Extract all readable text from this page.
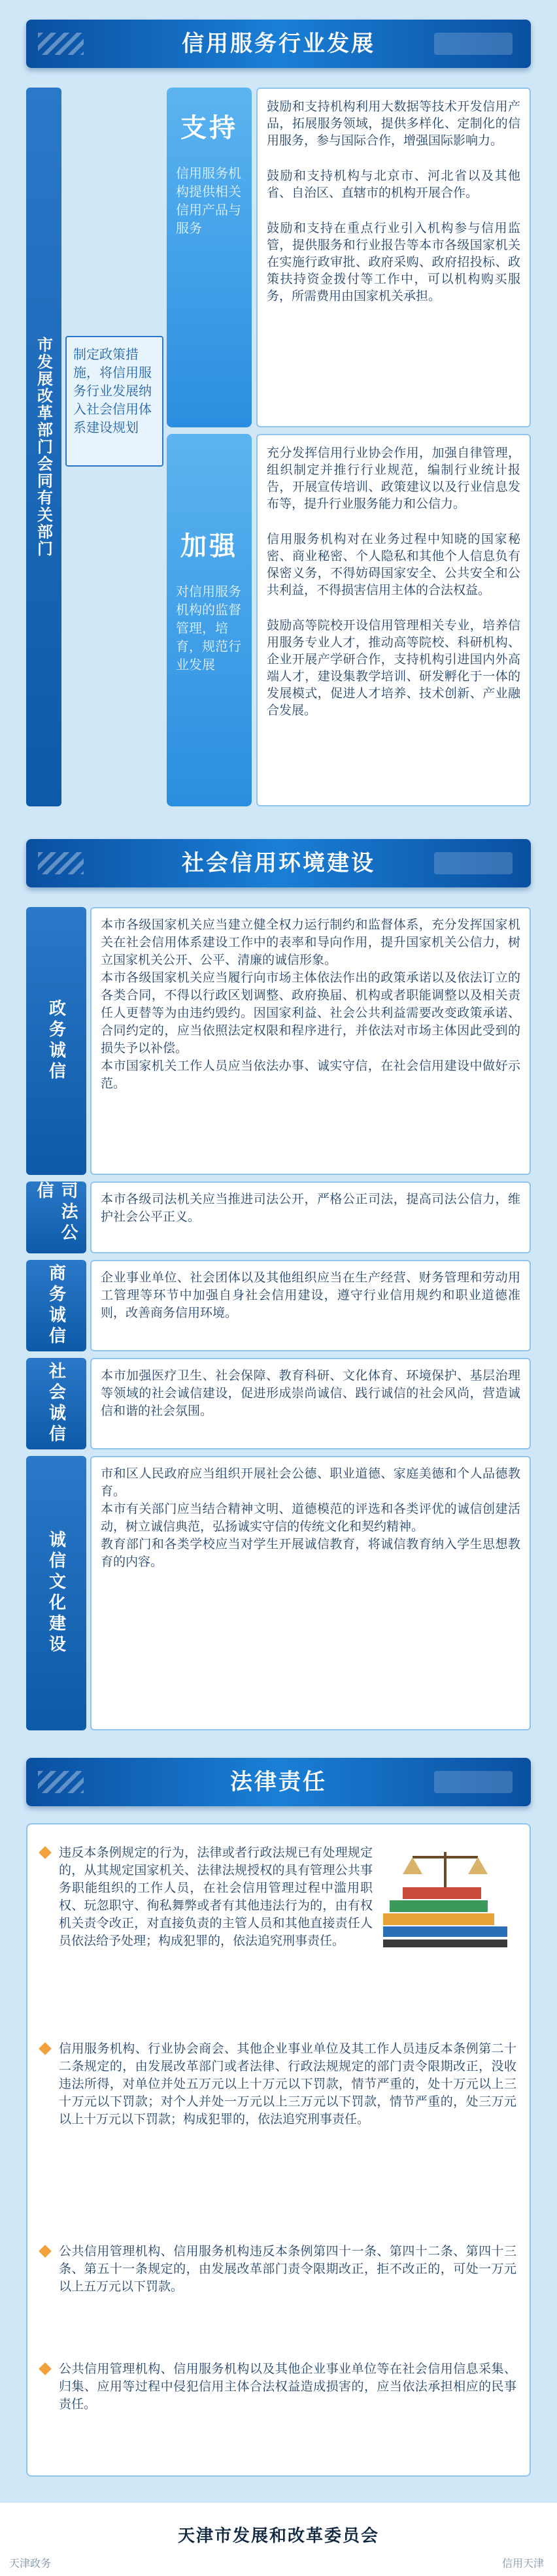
信用服务行业发展
市发展改革部门会同有关部门	制定政策措施，将信用服务行业发展纳入社会信用体系建设规划
支持
信用服务机构提供相关信用产品与服务

鼓励和支持机构利用大数据等技术开发信用产品，拓展服务领域，提供多样化、定制化的信用服务，参与国际合作，增强国际影响力。

鼓励和支持机构与北京市、河北省以及其他省、自治区、直辖市的机构开展合作。

鼓励和支持在重点行业引入机构参与信用监管，提供服务和行业报告等本市各级国家机关在实施行政审批、政府采购、政府招投标、政策扶持资金拨付等工作中，可以机构购买服务，所需费用由国家机关承担。

加强
对信用服务机构的监督管理，培育，规范行业发展

充分发挥信用行业协会作用，加强自律管理，组织制定并推行行业规范，编制行业统计报告，开展宣传培训、政策建议以及行业信息发布等，提升行业服务能力和公信力。

信用服务机构对在业务过程中知晓的国家秘密、商业秘密、个人隐私和其他个人信息负有保密义务，不得妨碍国家安全、公共安全和公共利益，不得损害信用主体的合法权益。

鼓励高等院校开设信用管理相关专业，培养信用服务专业人才，推动高等院校、科研机构、企业开展产学研合作，支持机构引进国内外高端人才，建设集教学培训、研发孵化于一体的发展模式，促进人才培养、技术创新、产业融合发展。

社会信用环境建设
政务诚信

本市各级国家机关应当建立健全权力运行制约和监督体系，充分发挥国家机关在社会信用体系建设工作中的表率和导向作用，提升国家机关公信力，树立国家机关公开、公平、清廉的诚信形象。
本市各级国家机关应当履行向市场主体依法作出的政策承诺以及依法订立的各类合同，不得以行政区划调整、政府换届、机构或者职能调整以及相关责任人更替等为由违约毁约。因国家利益、社会公共利益需要改变政策承诺、合同约定的，应当依照法定权限和程序进行，并依法对市场主体因此受到的损失予以补偿。
本市国家机关工作人员应当依法办事、诚实守信，在社会信用建设中做好示范。

司法公信	本市各级司法机关应当推进司法公开，严格公正司法，提高司法公信力，维护社会公平正义。

商务诚信	企业事业单位、社会团体以及其他组织应当在生产经营、财务管理和劳动用工管理等环节中加强自身社会信用建设，遵守行业信用规约和职业道德准则，改善商务信用环境。

社会诚信	本市加强医疗卫生、社会保障、教育科研、文化体育、环境保护、基层治理等领域的社会诚信建设，促进形成崇尚诚信、践行诚信的社会风尚，营造诚信和谐的社会氛围。

诚信文化建设

市和区人民政府应当组织开展社会公德、职业道德、家庭美德和个人品德教育。
本市有关部门应当结合精神文明、道德模范的评选和各类评优的诚信创建活动，树立诚信典范，弘扬诚实守信的传统文化和契约精神。
教育部门和各类学校应当对学生开展诚信教育，将诚信教育纳入学生思想教育的内容。

法律责任

违反本条例规定的行为，法律或者行政法规已有处理规定的，从其规定国家机关、法律法规授权的具有管理公共事务职能组织的工作人员，在社会信用管理过程中滥用职权、玩忽职守、徇私舞弊或者有其他违法行为的，由有权机关责令改正，对直接负责的主管人员和其他直接责任人员依法给予处理；构成犯罪的，依法追究刑事责任。

信用服务机构、行业协会商会、其他企业事业单位及其工作人员违反本条例第二十二条规定的，由发展改革部门或者法律、行政法规规定的部门责令限期改正，没收违法所得，对单位并处五万元以上十万元以下罚款，情节严重的，处十万元以上三十万元以下罚款；对个人并处一万元以上三万元以下罚款，情节严重的，处三万元以上十万元以下罚款；构成犯罪的，依法追究刑事责任。

公共信用管理机构、信用服务机构违反本条例第四十一条、第四十二条、第四十三条、第五十一条规定的，由发展改革部门责令限期改正，拒不改正的，可处一万元以上五万元以下罚款。

公共信用管理机构、信用服务机构以及其他企业事业单位等在社会信用信息采集、归集、应用等过程中侵犯信用主体合法权益造成损害的，应当依法承担相应的民事责任。

天津市发展和改革委员会
天津政务	信用天津
